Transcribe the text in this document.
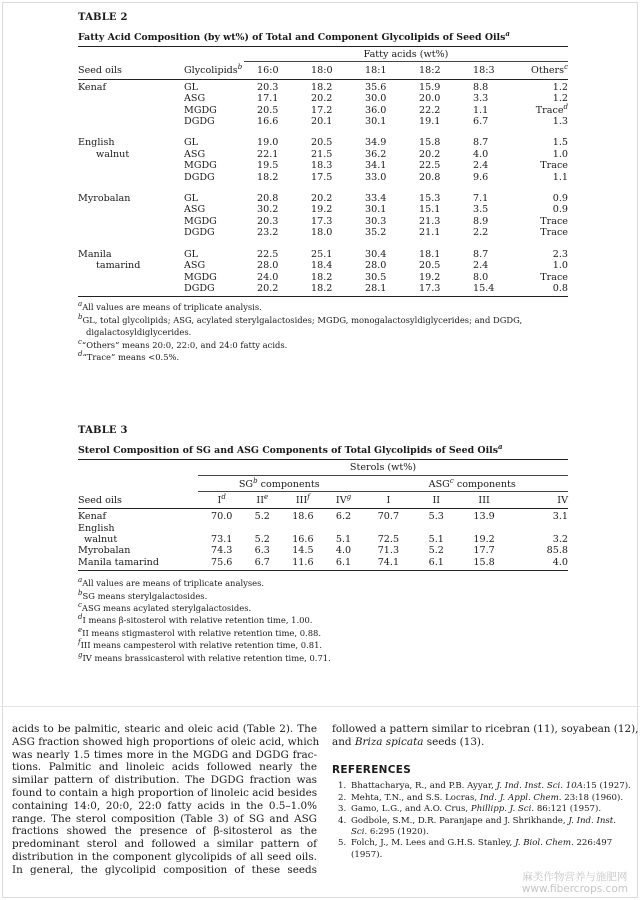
TABLE 2
Fatty Acid Composition (by wt%) of Total and Component Glycolipids of Seed Oils$^a$
		Fatty acids (wt%)					
Seed oils	Glycolipids$^b$	16:0	18:0	18:1	18:2	18:3	Others$^c$
Kenaf	GL	20.3	18.2	35.6	15.9	8.8	1.2
	ASG	17.1	20.2	30.0	20.0	3.3	1.2
	MGDG	20.5	17.2	36.0	22.2	1.1	Trace$^d$
	DGDG	16.6	20.1	30.1	19.1	6.7	1.3

English	GL	19.0	20.5	34.9	15.8	8.7	1.5
walnut	ASG	22.1	21.5	36.2	20.2	4.0	1.0
	MGDG	19.5	18.3	34.1	22.5	2.4	Trace
	DGDG	18.2	17.5	33.0	20.8	9.6	1.1

Myrobalan	GL	20.8	20.2	33.4	15.3	7.1	0.9
	ASG	30.2	19.2	30.1	15.1	3.5	0.9
	MGDG	20.3	17.3	30.3	21.3	8.9	Trace
	DGDG	23.2	18.0	35.2	21.1	2.2	Trace

Manila	GL	22.5	25.1	30.4	18.1	8.7	2.3
tamarind	ASG	28.0	18.4	28.0	20.5	2.4	1.0
	MGDG	24.0	18.2	30.5	19.2	8.0	Trace
	DGDG	20.2	18.2	28.1	17.3	15.4	0.8
$^a$All values are means of triplicate analysis.
$^b$GL, total glycolipids; ASG, acylated sterylgalactosides; MGDG, monogalactosyldiglycerides; and DGDG,
digalactosyldiglycerides.
$^c$“Others” means 20:0, 22:0, and 24:0 fatty acids.
$^d$“Trace” means <0.5%.
TABLE 3
Sterol Composition of SG and ASG Components of Total Glycolipids of Seed Oils$^a$
	Sterols (wt%)							
	$SG^b$ components				ASG$^c$ components			
Seed oils	$I^d$	IIe	III$^f$	$IV^g$	I	II	III	IV
Kenaf	70.0	5.2	18.6	6.2	70.7	5.3	13.9	3.1
English								
walnut	73.1	5.2	16.6	5.1	72.5	5.1	19.2	3.2
Myrobalan	74.3	6.3	14.5	4.0	71.3	5.2	17.7	85.8
Manila tamarind	75.6	6.7	11.6	6.1	74.1	6.1	15.8	4.0
$^a$All values are means of triplicate analyses.
$^b$SG means sterylgalactosides.
$^c$ASG means acylated sterylgalactosides.
$^d$I means β-sitosterol with relative retention time, 1.00.
$^e$II means stigmasterol with relative retention time, 0.88.
$^f$III means campesterol with relative retention time, 0.81.
$^g$IV means brassicasterol with relative retention time, 0.71.
acids to be palmitic, stearic and oleic acid (Table 2). The
ASG fraction showed high proportions of oleic acid, which
was nearly 1.5 times more in the MGDG and DGDG frac-
tions. Palmitic and linoleic acids followed nearly the
similar pattern of distribution. The DGDG fraction was
found to contain a high proportion of linoleic acid besides
containing 14:0, 20:0, 22:0 fatty acids in the 0.5–1.0%
range. The sterol composition (Table 3) of SG and ASG
fractions showed the presence of β-sitosterol as the
predominant sterol and followed a similar pattern of
distribution in the component glycolipids of all seed oils.
In general, the glycolipid composition of these seeds
followed a pattern similar to ricebran (11), soyabean (12),
and Briza spicata seeds (13).
REFERENCES
1. Bhattacharya, R., and P.B. Ayyar, J. Ind. Inst. Sci. 10A:15 (1927).
2. Mehta, T.N., and S.S. Locras, Ind. J. Appl. Chem. 23:18 (1960).
3. Gamo, L.G., and A.O. Crus, Phillipp. J. Sci. 86:121 (1957).
4. Godbole, S.M., D.R. Paranjape and J. Shrikhande, J. Ind. Inst.
Sci. 6:295 (1920).
5. Folch, J., M. Lees and G.H.S. Stanley, J. Biol. Chem. 226:497
(1957).
麻类作物营养与施肥网
www.fibercrops.com
